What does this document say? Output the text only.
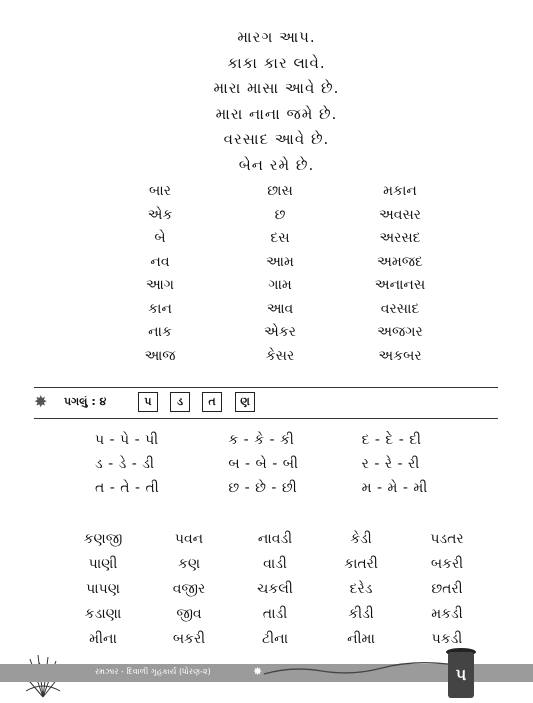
મારગ આપ.
કાકા કાર લાવે.
મારા માસા આવે છે.
મારા નાના જમે છે.
વરસાદ આવે છે.
બેન રમે છે.
બાર	છાસ	મકાન
એક	છ	અવસર
બે	દસ	અરસદ
નવ	આમ	અમજદ
આગ	ગામ	અનાનસ
કાન	આવ	વરસાદ
નાક	એકર	અજગર
આજ	કેસર	અકબર
✸ પગલું : ૪	પ	ડ	ત	ણ
પ - પે - પી	ક - કે - કી	દ - દે - દી
ડ - ડે - ડી	બ - બે - બી	ર - રે - રી
ત - તે - તી	છ - છે - છી	મ - મે - મી
કણજી	પવન	નાવડી	કેડી	પડતર
પાણી	કણ	વાડી	કાતરી	બકરી
પાપણ	વજીર	ચકલી	દરેડ	છતરી
કડાણા	જીવ	તાડી	કીડી	મકડી
મીના	બકરી	ટીના	નીમા	પકડી
રમઝાર - દિવાળી ગૃહકાર્ય (ધોરણ-૨)	✸	૫
